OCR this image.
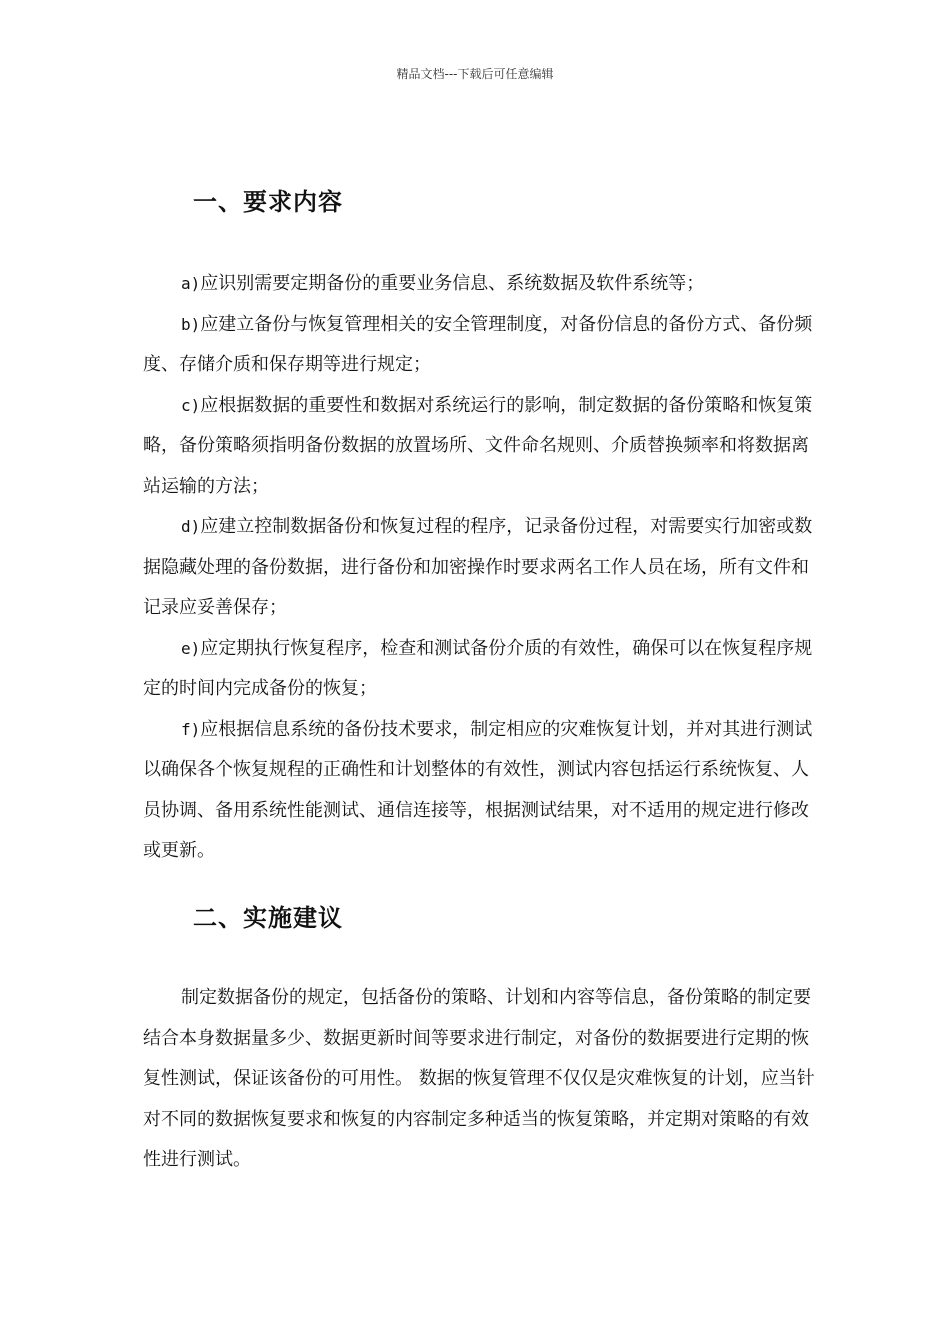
精品文档---下载后可任意编辑
一、要求内容

a)应识别需要定期备份的重要业务信息、系统数据及软件系统等；

b)应建立备份与恢复管理相关的安全管理制度，对备份信息的备份方式、备份频度、存储介质和保存期等进行规定；

c)应根据数据的重要性和数据对系统运行的影响，制定数据的备份策略和恢复策略，备份策略须指明备份数据的放置场所、文件命名规则、介质替换频率和将数据离站运输的方法；

d)应建立控制数据备份和恢复过程的程序，记录备份过程，对需要实行加密或数据隐藏处理的备份数据，进行备份和加密操作时要求两名工作人员在场，所有文件和记录应妥善保存；

e)应定期执行恢复程序，检查和测试备份介质的有效性，确保可以在恢复程序规定的时间内完成备份的恢复；

f)应根据信息系统的备份技术要求，制定相应的灾难恢复计划，并对其进行测试以确保各个恢复规程的正确性和计划整体的有效性，测试内容包括运行系统恢复、人员协调、备用系统性能测试、通信连接等，根据测试结果，对不适用的规定进行修改或更新。

二、实施建议

制定数据备份的规定，包括备份的策略、计划和内容等信息，备份策略的制定要结合本身数据量多少、数据更新时间等要求进行制定，对备份的数据要进行定期的恢复性测试，保证该备份的可用性。 数据的恢复管理不仅仅是灾难恢复的计划，应当针对不同的数据恢复要求和恢复的内容制定多种适当的恢复策略，并定期对策略的有效性进行测试。
